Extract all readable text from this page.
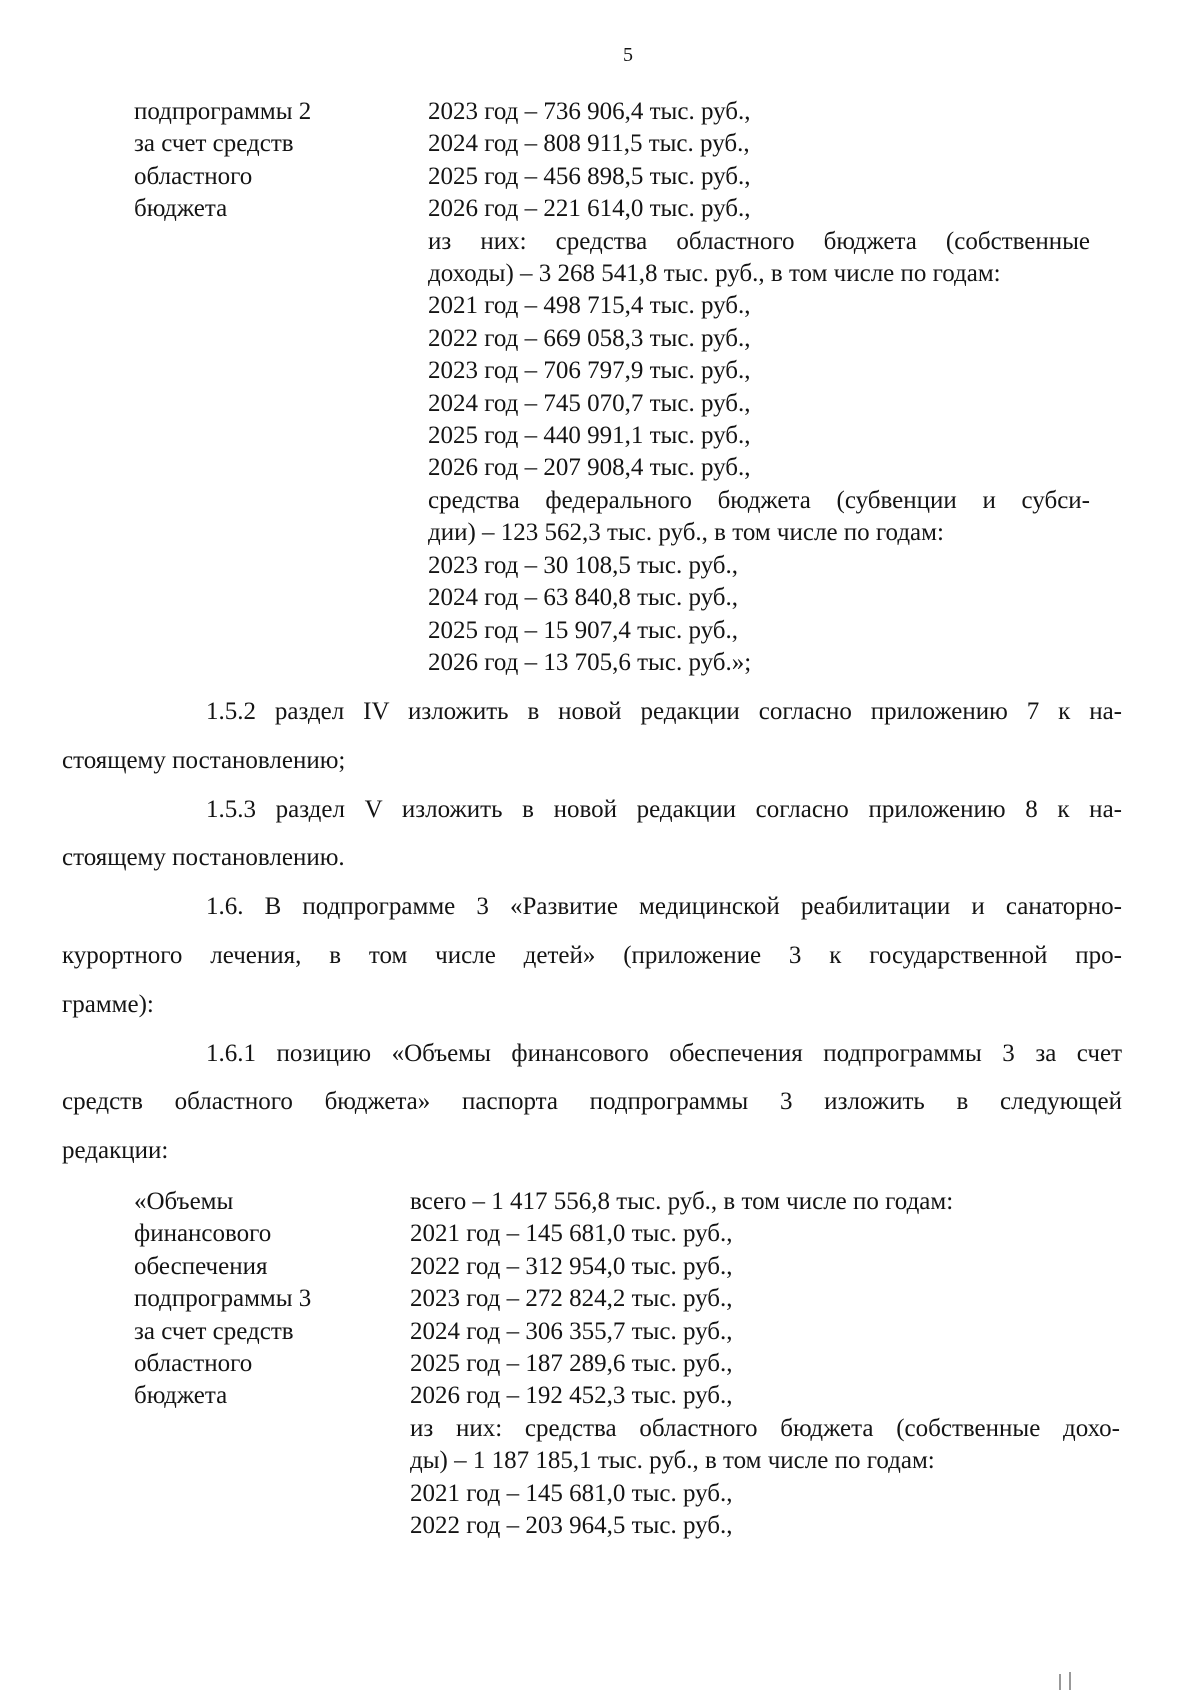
5
подпрограммы 2
за счет средств
областного
бюджета
2023 год – 736 906,4 тыс. руб.,
2024 год – 808 911,5 тыс. руб.,
2025 год – 456 898,5 тыс. руб.,
2026 год – 221 614,0 тыс. руб.,
из них: средства областного бюджета (собственные
доходы) – 3 268 541,8 тыс. руб., в том числе по годам:
2021 год – 498 715,4 тыс. руб.,
2022 год – 669 058,3 тыс. руб.,
2023 год – 706 797,9 тыс. руб.,
2024 год – 745 070,7 тыс. руб.,
2025 год – 440 991,1 тыс. руб.,
2026 год – 207 908,4 тыс. руб.,
средства федерального бюджета (субвенции и субси-
дии) – 123 562,3 тыс. руб., в том числе по годам:
2023 год – 30 108,5 тыс. руб.,
2024 год – 63 840,8 тыс. руб.,
2025 год – 15 907,4 тыс. руб.,
2026 год – 13 705,6 тыс. руб.»;
1.5.2 раздел IV изложить в новой редакции согласно приложению 7 к на-
стоящему постановлению;
1.5.3 раздел V изложить в новой редакции согласно приложению 8 к на-
стоящему постановлению.
1.6. В подпрограмме 3 «Развитие медицинской реабилитации и санаторно-
курортного лечения, в том числе детей» (приложение 3 к государственной про-
грамме):
1.6.1 позицию «Объемы финансового обеспечения подпрограммы 3 за счет
средств областного бюджета» паспорта подпрограммы 3 изложить в следующей
редакции:
«Объемы
финансового
обеспечения
подпрограммы 3
за счет средств
областного
бюджета
всего – 1 417 556,8 тыс. руб., в том числе по годам:
2021 год – 145 681,0 тыс. руб.,
2022 год – 312 954,0 тыс. руб.,
2023 год – 272 824,2 тыс. руб.,
2024 год – 306 355,7 тыс. руб.,
2025 год – 187 289,6 тыс. руб.,
2026 год – 192 452,3 тыс. руб.,
из них: средства областного бюджета (собственные дохо-
ды) – 1 187 185,1 тыс. руб., в том числе по годам:
2021 год – 145 681,0 тыс. руб.,
2022 год – 203 964,5 тыс. руб.,
